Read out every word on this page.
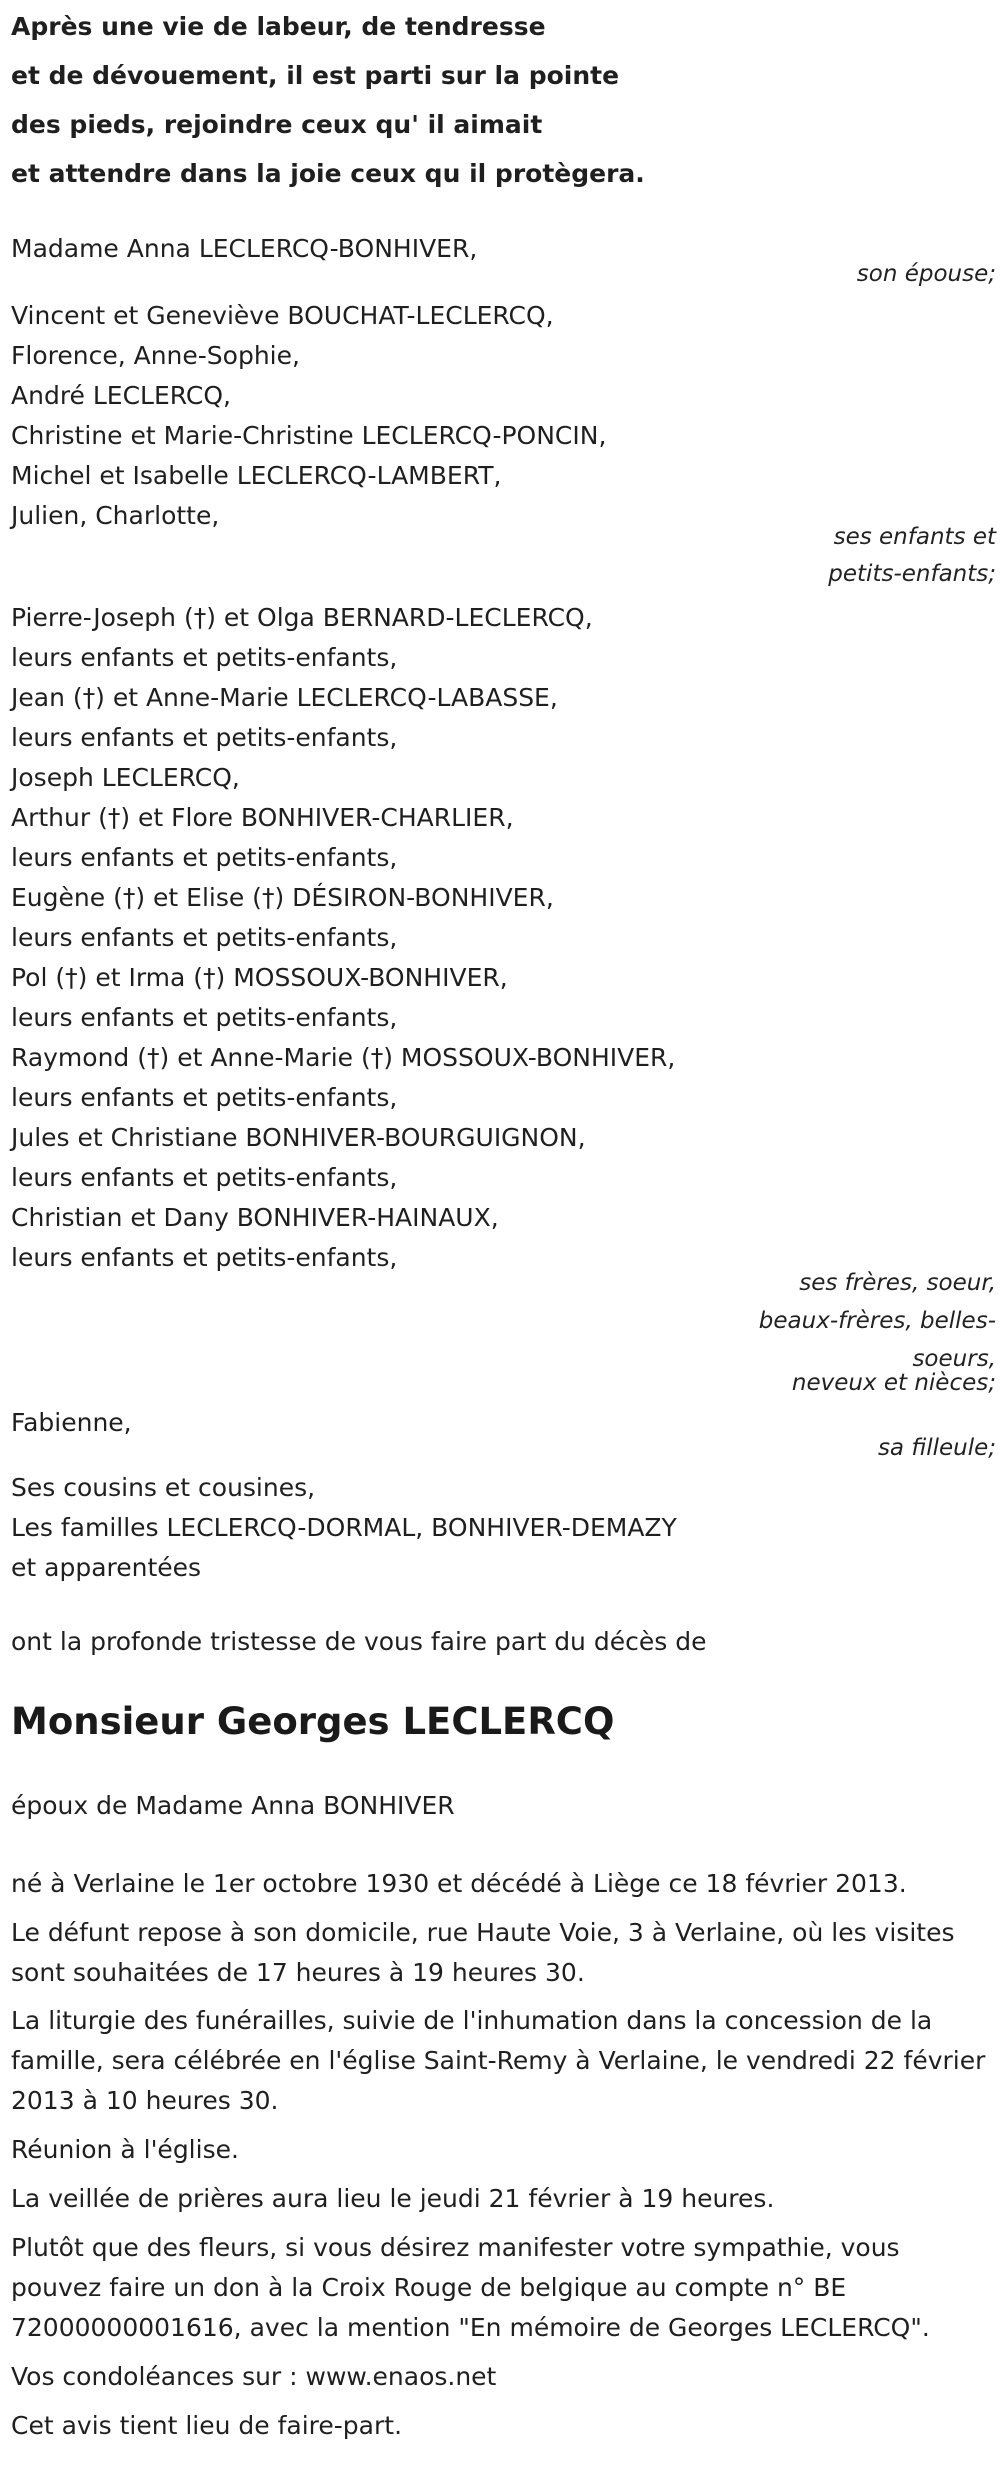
Après une vie de labeur, de tendresse
et de dévouement, il est parti sur la pointe
des pieds, rejoindre ceux qu' il aimait
et attendre dans la joie ceux qu il protègera.

Madame Anna LECLERCQ-BONHIVER,

son épouse;

Vincent et Geneviève BOUCHAT-LECLERCQ,
Florence, Anne-Sophie,
André LECLERCQ,
Christine et Marie-Christine LECLERCQ-PONCIN,
Michel et Isabelle LECLERCQ-LAMBERT,
Julien, Charlotte,

ses enfants et

petits-enfants;

Pierre-Joseph (†) et Olga BERNARD-LECLERCQ,
leurs enfants et petits-enfants,
Jean (†) et Anne-Marie LECLERCQ-LABASSE,
leurs enfants et petits-enfants,
Joseph LECLERCQ,
Arthur (†) et Flore BONHIVER-CHARLIER,
leurs enfants et petits-enfants,
Eugène (†) et Elise (†) DÉSIRON-BONHIVER,
leurs enfants et petits-enfants,
Pol (†) et Irma (†) MOSSOUX-BONHIVER,
leurs enfants et petits-enfants,
Raymond (†) et Anne-Marie (†) MOSSOUX-BONHIVER,
leurs enfants et petits-enfants,
Jules et Christiane BONHIVER-BOURGUIGNON,
leurs enfants et petits-enfants,
Christian et Dany BONHIVER-HAINAUX,
leurs enfants et petits-enfants,

ses frères, soeur,

beaux-frères, belles-

soeurs,

neveux et nièces;

Fabienne,

sa filleule;

Ses cousins et cousines,
Les familles LECLERCQ-DORMAL, BONHIVER-DEMAZY
et apparentées

ont la profonde tristesse de vous faire part du décès de

Monsieur Georges LECLERCQ

époux de Madame Anna BONHIVER

né à Verlaine le 1er octobre 1930 et décédé à Liège ce 18 février 2013.

Le défunt repose à son domicile, rue Haute Voie, 3 à Verlaine, où les visites sont souhaitées de 17 heures à 19 heures 30.

La liturgie des funérailles, suivie de l'inhumation dans la concession de la famille, sera célébrée en l'église Saint-Remy à Verlaine, le vendredi 22 février 2013 à 10 heures 30.

Réunion à l'église.

La veillée de prières aura lieu le jeudi 21 février à 19 heures.

Plutôt que des fleurs, si vous désirez manifester votre sympathie, vous pouvez faire un don à la Croix Rouge de belgique au compte n° BE 72000000001616, avec la mention "En mémoire de Georges LECLERCQ".

Vos condoléances sur : www.enaos.net

Cet avis tient lieu de faire-part.
